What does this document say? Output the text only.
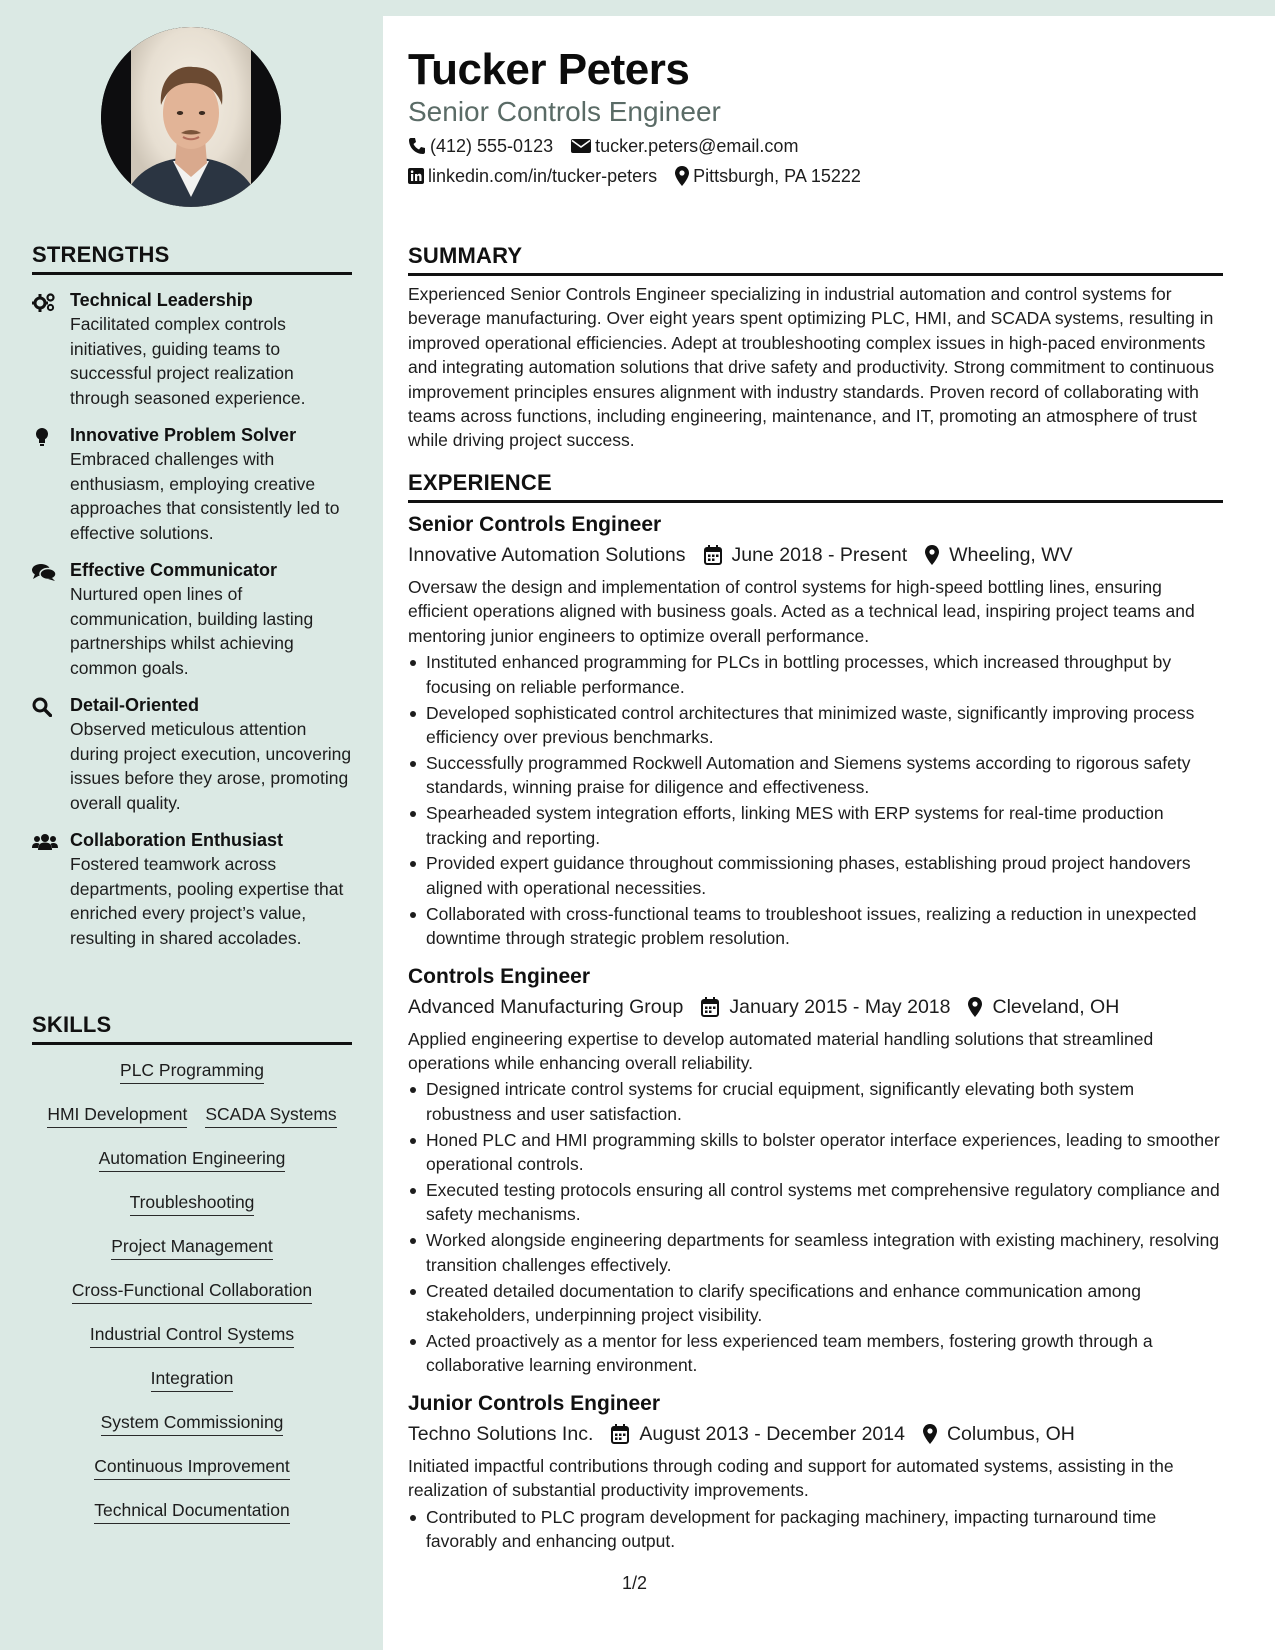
STRENGTHS
Technical Leadership
Facilitated complex controls initiatives, guiding teams to successful project realization through seasoned experience.
Innovative Problem Solver
Embraced challenges with enthusiasm, employing creative approaches that consistently led to effective solutions.
Effective Communicator
Nurtured open lines of communication, building lasting partnerships whilst achieving common goals.
Detail-Oriented
Observed meticulous attention during project execution, uncovering issues before they arose, promoting overall quality.
Collaboration Enthusiast
Fostered teamwork across departments, pooling expertise that enriched every project’s value, resulting in shared accolades.
SKILLS
PLC Programming
HMI Development SCADA Systems
Automation Engineering
Troubleshooting
Project Management
Cross-Functional Collaboration
Industrial Control Systems
Integration
System Commissioning
Continuous Improvement
Technical Documentation
Tucker Peters
Senior Controls Engineer
(412) 555-0123 tucker.peters@email.com
linkedin.com/in/tucker-peters Pittsburgh, PA 15222
SUMMARY

Experienced Senior Controls Engineer specializing in industrial automation and control systems for beverage manufacturing. Over eight years spent optimizing PLC, HMI, and SCADA systems, resulting in improved operational efficiencies. Adept at troubleshooting complex issues in high-paced environments and integrating automation solutions that drive safety and productivity. Strong commitment to continuous improvement principles ensures alignment with industry standards. Proven record of collaborating with teams across functions, including engineering, maintenance, and IT, promoting an atmosphere of trust while driving project success.

EXPERIENCE
Senior Controls Engineer
Innovative Automation Solutions June 2018 - Present Wheeling, WV

Oversaw the design and implementation of control systems for high-speed bottling lines, ensuring efficient operations aligned with business goals. Acted as a technical lead, inspiring project teams and mentoring junior engineers to optimize overall performance.

Instituted enhanced programming for PLCs in bottling processes, which increased throughput by focusing on reliable performance.
Developed sophisticated control architectures that minimized waste, significantly improving process efficiency over previous benchmarks.
Successfully programmed Rockwell Automation and Siemens systems according to rigorous safety standards, winning praise for diligence and effectiveness.
Spearheaded system integration efforts, linking MES with ERP systems for real-time production tracking and reporting.
Provided expert guidance throughout commissioning phases, establishing proud project handovers aligned with operational necessities.
Collaborated with cross-functional teams to troubleshoot issues, realizing a reduction in unexpected downtime through strategic problem resolution.
Controls Engineer
Advanced Manufacturing Group January 2015 - May 2018 Cleveland, OH

Applied engineering expertise to develop automated material handling solutions that streamlined operations while enhancing overall reliability.

Designed intricate control systems for crucial equipment, significantly elevating both system robustness and user satisfaction.
Honed PLC and HMI programming skills to bolster operator interface experiences, leading to smoother operational controls.
Executed testing protocols ensuring all control systems met comprehensive regulatory compliance and safety mechanisms.
Worked alongside engineering departments for seamless integration with existing machinery, resolving transition challenges effectively.
Created detailed documentation to clarify specifications and enhance communication among stakeholders, underpinning project visibility.
Acted proactively as a mentor for less experienced team members, fostering growth through a collaborative learning environment.
Junior Controls Engineer
Techno Solutions Inc. August 2013 - December 2014 Columbus, OH

Initiated impactful contributions through coding and support for automated systems, assisting in the realization of substantial productivity improvements.

Contributed to PLC program development for packaging machinery, impacting turnaround time favorably and enhancing output.
1/2
